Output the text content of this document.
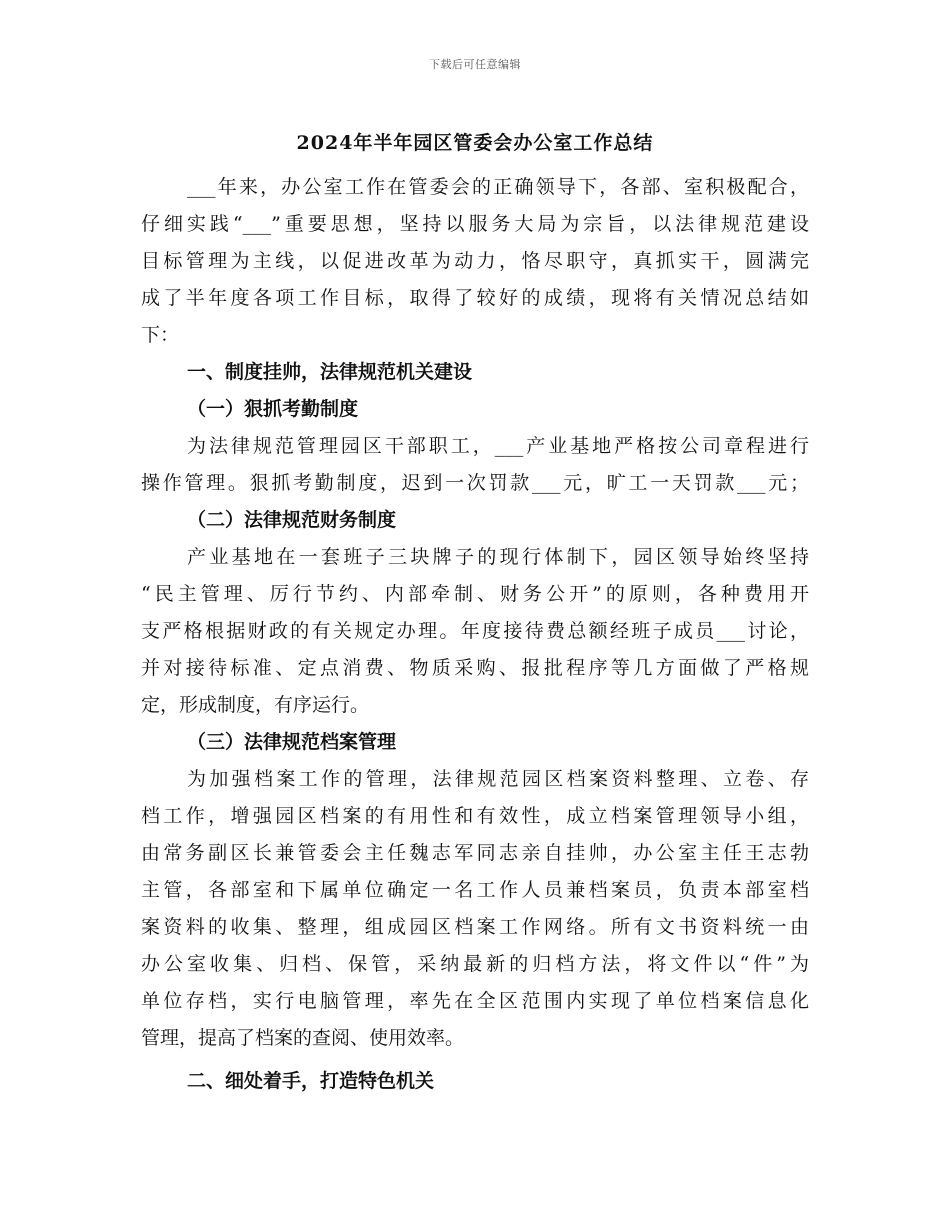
下载后可任意编辑
2024年半年园区管委会办公室工作总结
___年来，办公室工作在管委会的正确领导下，各部、室积极配合，
仔细实践“___”重要思想，坚持以服务大局为宗旨，以法律规范建设
目标管理为主线，以促进改革为动力，恪尽职守，真抓实干，圆满完
成了半年度各项工作目标，取得了较好的成绩，现将有关情况总结如
下：
一、制度挂帅，法律规范机关建设
（一）狠抓考勤制度
为法律规范管理园区干部职工，___产业基地严格按公司章程进行
操作管理。狠抓考勤制度，迟到一次罚款___元，旷工一天罚款___元；
（二）法律规范财务制度
产业基地在一套班子三块牌子的现行体制下，园区领导始终坚持
“民主管理、厉行节约、内部牵制、财务公开”的原则，各种费用开
支严格根据财政的有关规定办理。年度接待费总额经班子成员___讨论，
并对接待标准、定点消费、物质采购、报批程序等几方面做了严格规
定，形成制度，有序运行。
（三）法律规范档案管理
为加强档案工作的管理，法律规范园区档案资料整理、立卷、存
档工作，增强园区档案的有用性和有效性，成立档案管理领导小组，
由常务副区长兼管委会主任魏志军同志亲自挂帅，办公室主任王志勃
主管，各部室和下属单位确定一名工作人员兼档案员，负责本部室档
案资料的收集、整理，组成园区档案工作网络。所有文书资料统一由
办公室收集、归档、保管，采纳最新的归档方法，将文件以“件”为
单位存档，实行电脑管理，率先在全区范围内实现了单位档案信息化
管理，提高了档案的查阅、使用效率。
二、细处着手，打造特色机关
